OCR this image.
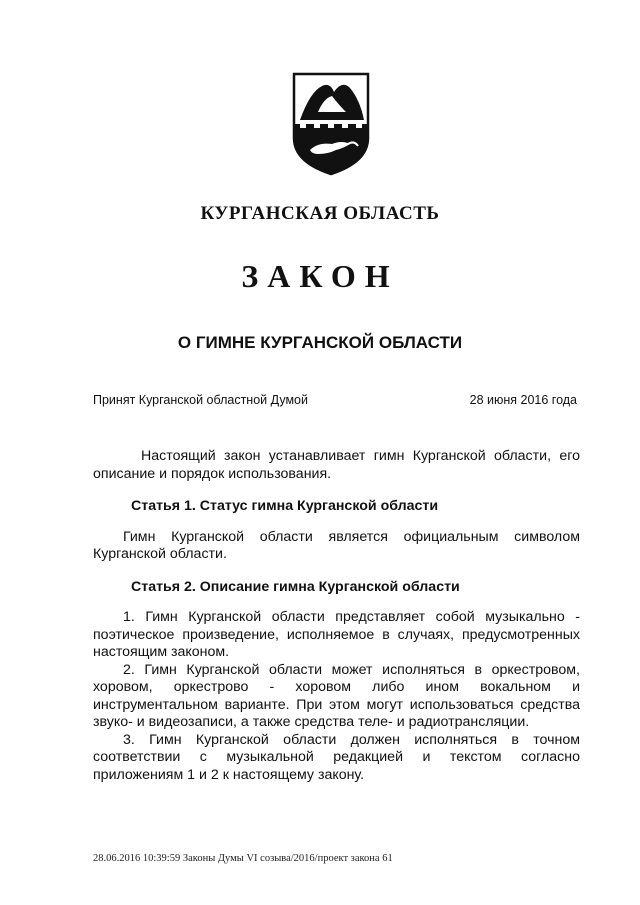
КУРГАНСКАЯ ОБЛАСТЬ
ЗАКОН
О ГИМНЕ КУРГАНСКОЙ ОБЛАСТИ
Принят Курганской областной Думой	28 июня 2016 года

Настоящий закон устанавливает гимн Курганской области, его описание и порядок использования.

Статья 1. Статус гимна Курганской области

Гимн Курганской области является официальным символом Курганской области.

Статья 2. Описание гимна Курганской области

1. Гимн Курганской области представляет собой музыкально - поэтическое произведение, исполняемое в случаях, предусмотренных настоящим законом.

2. Гимн Курганской области может исполняться в оркестровом, хоровом, оркестрово - хоровом либо ином вокальном и инструментальном варианте. При этом могут использоваться средства звуко- и видеозаписи, а также средства теле- и радиотрансляции.

3. Гимн Курганской области должен исполняться в точном соответствии с музыкальной редакцией и текстом согласно приложениям 1 и 2 к настоящему закону.

28.06.2016 10:39:59 Законы Думы VI созыва/2016/проект закона 61
